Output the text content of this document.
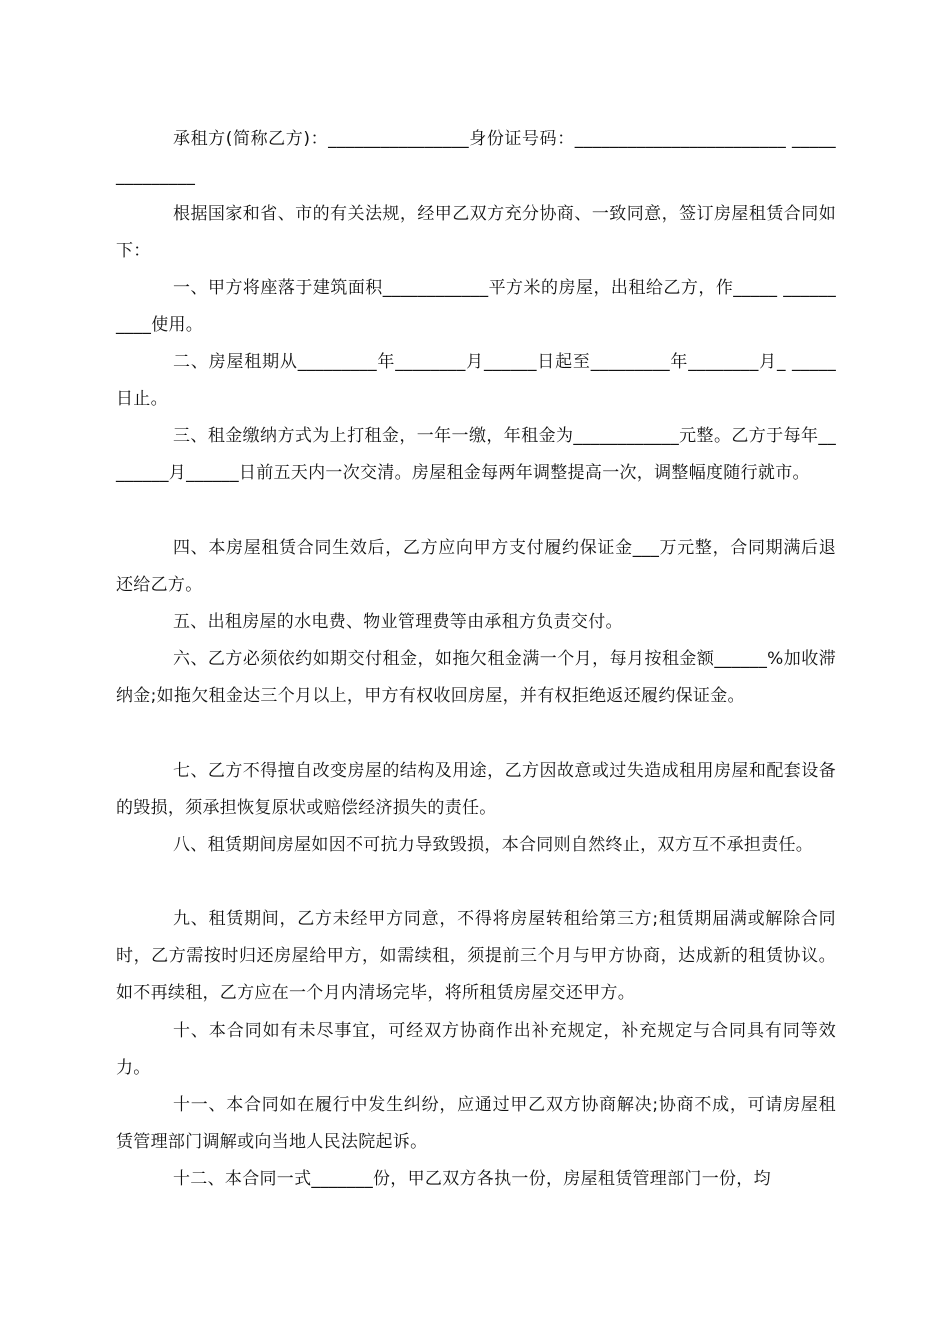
承租方(简称乙方)：________________身份证号码：________________________ ______________

根据国家和省、市的有关法规，经甲乙双方充分协商、一致同意，签订房屋租赁合同如下：

一、甲方将座落于建筑面积____________平方米的房屋，出租给乙方，作_____ __________使用。

二、房屋租期从_________年________月______日起至_________年________月_ _____日止。

三、租金缴纳方式为上打租金，一年一缴，年租金为____________元整。乙方于每年________月______日前五天内一次交清。房屋租金每两年调整提高一次，调整幅度随行就市。

四、本房屋租赁合同生效后，乙方应向甲方支付履约保证金___万元整，合同期满后退还给乙方。

五、出租房屋的水电费、物业管理费等由承租方负责交付。

六、乙方必须依约如期交付租金，如拖欠租金满一个月，每月按租金额______%加收滞纳金;如拖欠租金达三个月以上，甲方有权收回房屋，并有权拒绝返还履约保证金。

七、乙方不得擅自改变房屋的结构及用途，乙方因故意或过失造成租用房屋和配套设备的毁损，须承担恢复原状或赔偿经济损失的责任。

八、租赁期间房屋如因不可抗力导致毁损，本合同则自然终止，双方互不承担责任。

九、租赁期间，乙方未经甲方同意，不得将房屋转租给第三方;租赁期届满或解除合同时，乙方需按时归还房屋给甲方，如需续租，须提前三个月与甲方协商，达成新的租赁协议。如不再续租，乙方应在一个月内清场完毕，将所租赁房屋交还甲方。

十、本合同如有未尽事宜，可经双方协商作出补充规定，补充规定与合同具有同等效力。

十一、本合同如在履行中发生纠纷，应通过甲乙双方协商解决;协商不成，可请房屋租赁管理部门调解或向当地人民法院起诉。

十二、本合同一式_______份，甲乙双方各执一份，房屋租赁管理部门一份，均
